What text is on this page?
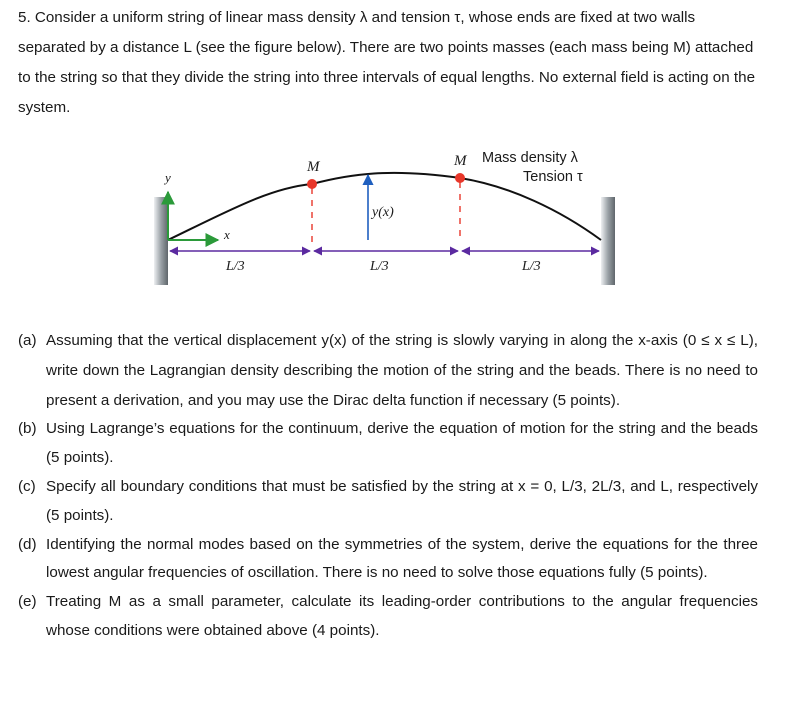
5. Consider a uniform string of linear mass density λ and tension τ, whose ends are fixed at two walls separated by a distance L (see the figure below). There are two points masses (each mass being M) attached to the string so that they divide the string into three intervals of equal lengths. No external field is acting on the system.

M	M Mass density λ
Tension τ
y
x
y(x)
L/3	L/3	L/3
(a) Assuming that the vertical displacement y(x) of the string is slowly varying in along the x-axis (0 ≤ x ≤ L), write down the Lagrangian density describing the motion of the string and the beads. There is no need to present a derivation, and you may use the Dirac delta function if necessary (5 points).
(b) Using Lagrange’s equations for the continuum, derive the equation of motion for the string and the beads (5 points).
(c) Specify all boundary conditions that must be satisfied by the string at x = 0, L/3, 2L/3, and L, respectively (5 points).
(d) Identifying the normal modes based on the symmetries of the system, derive the equations for the three lowest angular frequencies of oscillation. There is no need to solve those equations fully (5 points).
(e) Treating M as a small parameter, calculate its leading-order contributions to the angular frequencies whose conditions were obtained above (4 points).
